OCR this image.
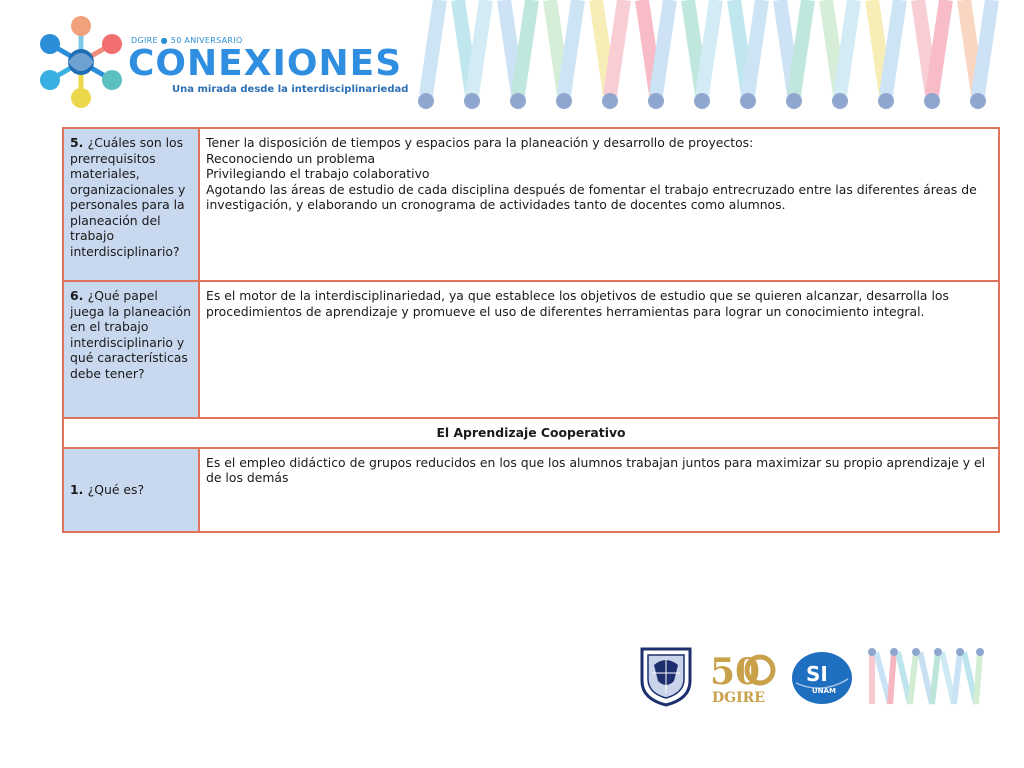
DGIRE ● 50 ANIVERSARIO
CONEXIONES
Una mirada desde la interdisciplinariedad
5. ¿Cuáles son los prerrequisitos materiales, organizacionales y personales para la planeación del trabajo interdisciplinario?	Tener la disposición de tiempos y espacios para la planeación y desarrollo de proyectos:
Reconociendo un problema
Privilegiando el trabajo colaborativo
Agotando las áreas de estudio de cada disciplina después de fomentar el trabajo entrecruzado entre las diferentes áreas de investigación, y elaborando un cronograma de actividades tanto de docentes como alumnos.

6. ¿Qué papel juega la planeación en el trabajo interdisciplinario y qué características debe tener?	Es el motor de la interdisciplinariedad, ya que establece los objetivos de estudio que se quieren alcanzar, desarrolla los procedimientos de aprendizaje y promueve el uso de diferentes herramientas para lograr un conocimiento integral.

El Aprendizaje Cooperativo	
1. ¿Qué es?	Es el empleo didáctico de grupos reducidos en los que los alumnos trabajan juntos para maximizar su propio aprendizaje y el de los demás
50
DGIRE
SI
UNAM
